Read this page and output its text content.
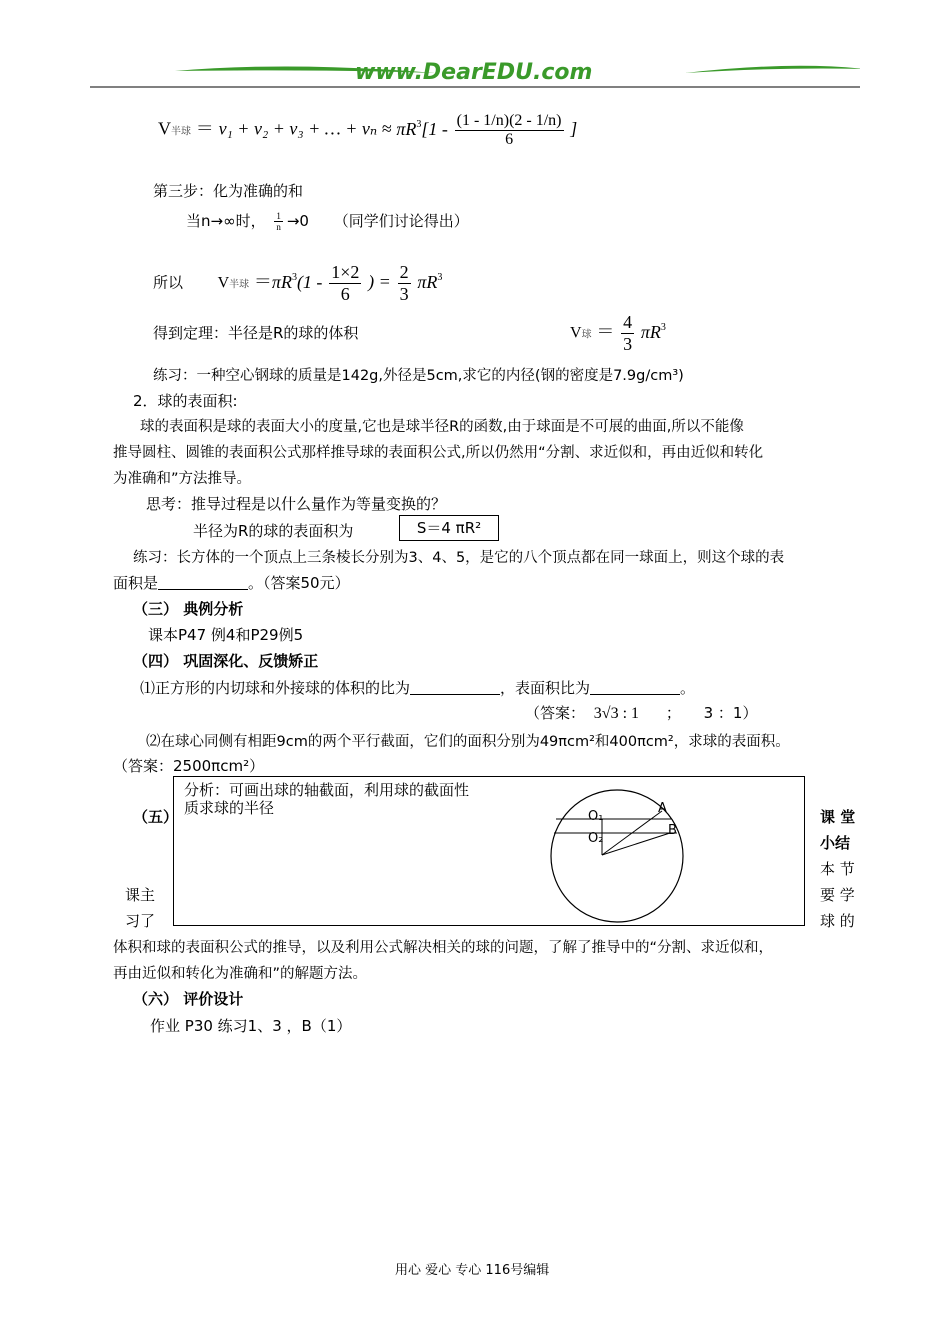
www.DearEDU.com
V半球 ＝ v₁ + v₂ + v₃ + … + $v_n \approx \pi R^3[1 - \frac{(1 - 1/n)(2 - 1/n)}{6}$ ]
第三步：化为准确的和
当n→∞时， $\frac{1}{n} \to 0$ （同学们讨论得出）
所以 V半球 $=\pi R^3(1 - \frac{1\times 2}{6}$ ) = $\frac{2}{3} \pi R^3$
得到定理：半径是R的球的体积	V球 ＝ $\frac{4}{3} \pi R^3$
练习：一种空心钢球的质量是142g,外径是5cm,求它的内径(钢的密度是7.9g/cm³)
2．球的表面积:
球的表面积是球的表面大小的度量,它也是球半径R的函数,由于球面是不可展的曲面,所以不能像
推导圆柱、圆锥的表面积公式那样推导球的表面积公式,所以仍然用“分割、求近似和，再由近似和转化
为准确和”方法推导。
思考：推导过程是以什么量作为等量变换的？
半径为R的球的表面积为	S＝4 πR²
练习：长方体的一个顶点上三条棱长分别为3、4、5，是它的八个顶点都在同一球面上，则这个球的表
面积是	。（答案50元）
（三） 典例分析
课本P47 例4和P29例5
（四） 巩固深化、反馈矫正
⑴正方形的内切球和外接球的体积的比为	，表面积比为	。
（答案： 3√3 : 1 ； 3 ：1）
⑵在球心同侧有相距9cm的两个平行截面，它们的面积分别为49πcm²和400πcm²，求球的表面积。
（答案：2500πcm²）
分析：可画出球的轴截面，利用球的截面性
质求球的半径	O₁
O₂
A
B
（五）	课 堂
小结
本 节
要 学
球 的
课主
习了
体积和球的表面积公式的推导，以及利用公式解决相关的球的问题，了解了推导中的“分割、求近似和，
再由近似和转化为准确和”的解题方法。
（六） 评价设计
作业 P30 练习1、3 ，B（1）
用心 爱心 专心 116号编辑
